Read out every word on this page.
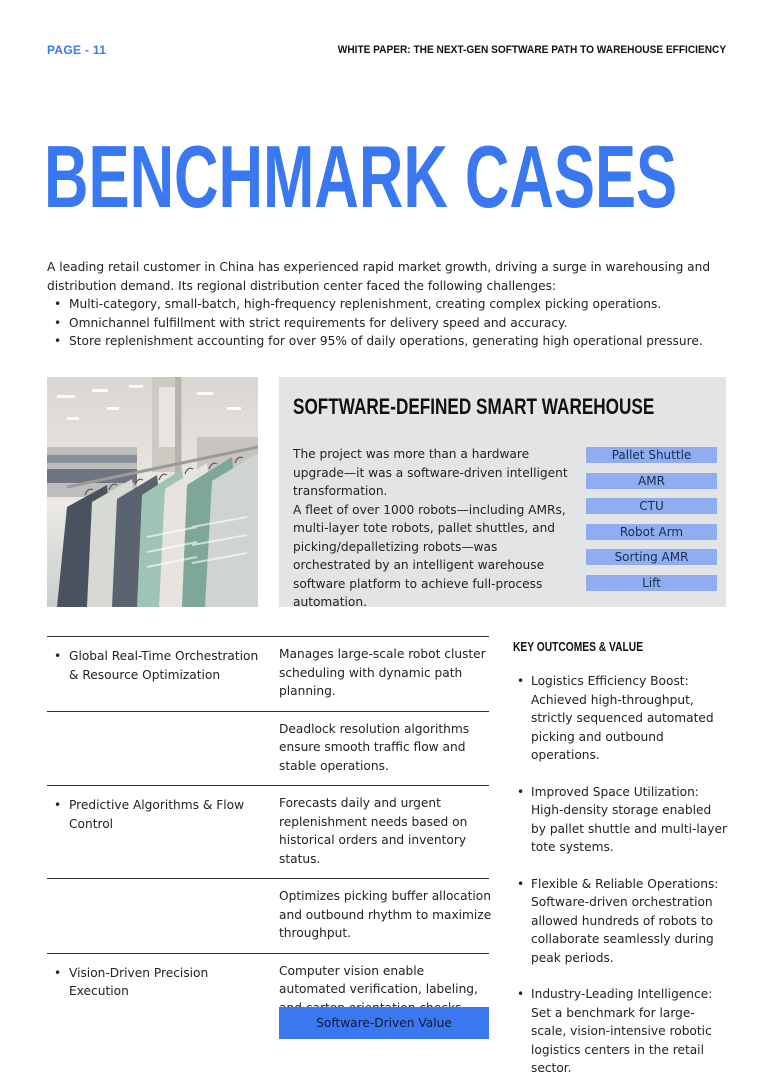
PAGE - 11	WHITE PAPER: THE NEXT-GEN SOFTWARE PATH TO WAREHOUSE EFFICIENCY
BENCHMARK CASES

A leading retail customer in China has experienced rapid market growth, driving a surge in warehousing and distribution demand. Its regional distribution center faced the following challenges:

• Multi-category, small-batch, high-frequency replenishment, creating complex picking operations.
• Omnichannel fulfillment with strict requirements for delivery speed and accuracy.
• Store replenishment accounting for over 95% of daily operations, generating high operational pressure.
SOFTWARE-DEFINED SMART WAREHOUSE

The project was more than a hardware upgrade—it was a software-driven intelligent transformation.

A fleet of over 1000 robots—including AMRs, multi-layer tote robots, pallet shuttles, and picking/depalletizing robots—was orchestrated by an intelligent warehouse software platform to achieve full-process automation.

Pallet Shuttle
AMR
CTU
Robot Arm
Sorting AMR
Lift
• Global Real-Time Orchestration & Resource Optimization
Manages large-scale robot cluster scheduling with dynamic path planning.
Deadlock resolution algorithms ensure smooth traffic flow and stable operations.
• Predictive Algorithms & Flow Control
Forecasts daily and urgent replenishment needs based on historical orders and inventory status.
Optimizes picking buffer allocation and outbound rhythm to maximize throughput.
• Vision-Driven Precision Execution
Computer vision enable automated verification, labeling,
Software-Driven Value
KEY OUTCOMES & VALUE
• Logistics Efficiency Boost: Achieved high-throughput, strictly sequenced automated picking and outbound operations.
• Improved Space Utilization: High-density storage enabled by pallet shuttle and multi-layer tote systems.
• Flexible & Reliable Operations: Software-driven orchestration allowed hundreds of robots to collaborate seamlessly during peak periods.
• Industry-Leading Intelligence: Set a benchmark for large-scale, vision-intensive robotic logistics centers in the retail sector.
